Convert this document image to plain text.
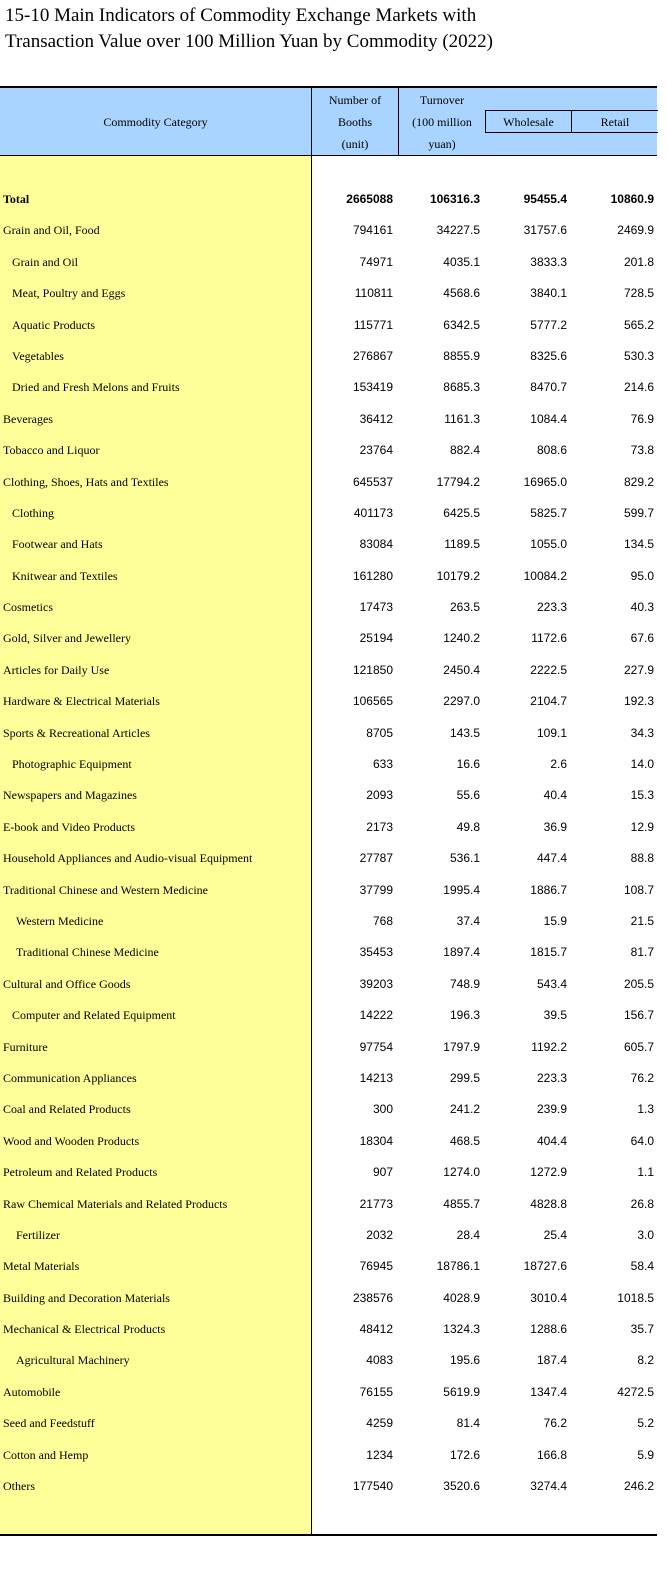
15-10 Main Indicators of Commodity Exchange Markets with
Transaction Value over 100 Million Yuan by Commodity (2022)
Commodity Category
Number of
Booths
(unit)
Turnover
(100 million
yuan)
Wholesale	Retail
Total	2665088	106316.3	95455.4	10860.9
Grain and Oil, Food	794161	34227.5	31757.6	2469.9
Grain and Oil	74971	4035.1	3833.3	201.8
Meat, Poultry and Eggs	110811	4568.6	3840.1	728.5
Aquatic Products	115771	6342.5	5777.2	565.2
Vegetables	276867	8855.9	8325.6	530.3
Dried and Fresh Melons and Fruits	153419	8685.3	8470.7	214.6
Beverages	36412	1161.3	1084.4	76.9
Tobacco and Liquor	23764	882.4	808.6	73.8
Clothing, Shoes, Hats and Textiles	645537	17794.2	16965.0	829.2
Clothing	401173	6425.5	5825.7	599.7
Footwear and Hats	83084	1189.5	1055.0	134.5
Knitwear and Textiles	161280	10179.2	10084.2	95.0
Cosmetics	17473	263.5	223.3	40.3
Gold, Silver and Jewellery	25194	1240.2	1172.6	67.6
Articles for Daily Use	121850	2450.4	2222.5	227.9
Hardware & Electrical Materials	106565	2297.0	2104.7	192.3
Sports & Recreational Articles	8705	143.5	109.1	34.3
Photographic Equipment	633	16.6	2.6	14.0
Newspapers and Magazines	2093	55.6	40.4	15.3
E-book and Video Products	2173	49.8	36.9	12.9
Household Appliances and Audio-visual Equipment	27787	536.1	447.4	88.8
Traditional Chinese and Western Medicine	37799	1995.4	1886.7	108.7
Western Medicine	768	37.4	15.9	21.5
Traditional Chinese Medicine	35453	1897.4	1815.7	81.7
Cultural and Office Goods	39203	748.9	543.4	205.5
Computer and Related Equipment	14222	196.3	39.5	156.7
Furniture	97754	1797.9	1192.2	605.7
Communication Appliances	14213	299.5	223.3	76.2
Coal and Related Products	300	241.2	239.9	1.3
Wood and Wooden Products	18304	468.5	404.4	64.0
Petroleum and Related Products	907	1274.0	1272.9	1.1
Raw Chemical Materials and Related Products	21773	4855.7	4828.8	26.8
Fertilizer	2032	28.4	25.4	3.0
Metal Materials	76945	18786.1	18727.6	58.4
Building and Decoration Materials	238576	4028.9	3010.4	1018.5
Mechanical & Electrical Products	48412	1324.3	1288.6	35.7
Agricultural Machinery	4083	195.6	187.4	8.2
Automobile	76155	5619.9	1347.4	4272.5
Seed and Feedstuff	4259	81.4	76.2	5.2
Cotton and Hemp	1234	172.6	166.8	5.9
Others	177540	3520.6	3274.4	246.2
